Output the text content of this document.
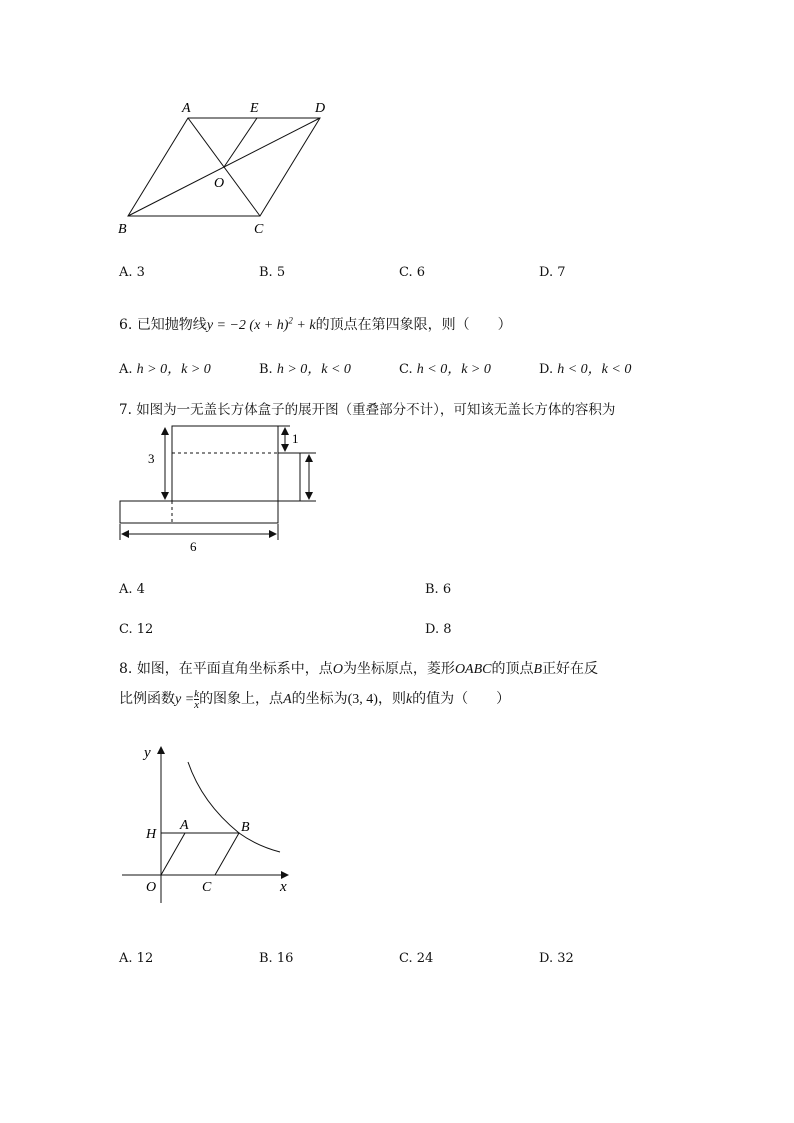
A	E	D
O
B	C
A. 3	B. 5	C. 6	D. 7
6. 已知抛物线y = −2 $(x + h)^2 + k$的顶点在第四象限，则（　　）
A. h > 0，k > 0	B. h > 0，k < 0	C. h < 0，k > 0	D. h < 0，k < 0
7. 如图为一无盖长方体盒子的展开图（重叠部分不计），可知该无盖长方体的容积为
3
1
6
A. 4	B. 6
C. 12	D. 8
8. 如图，在平面直角坐标系中，点O为坐标原点，菱形OABC的顶点B正好在反
比例函数$y = \frac{k}{x}$ 的图象上，点A的坐标为(3, 4)，则k的值为（　　）
y
x
H
A	B
O	C
A. 12	B. 16	C. 24	D. 32
